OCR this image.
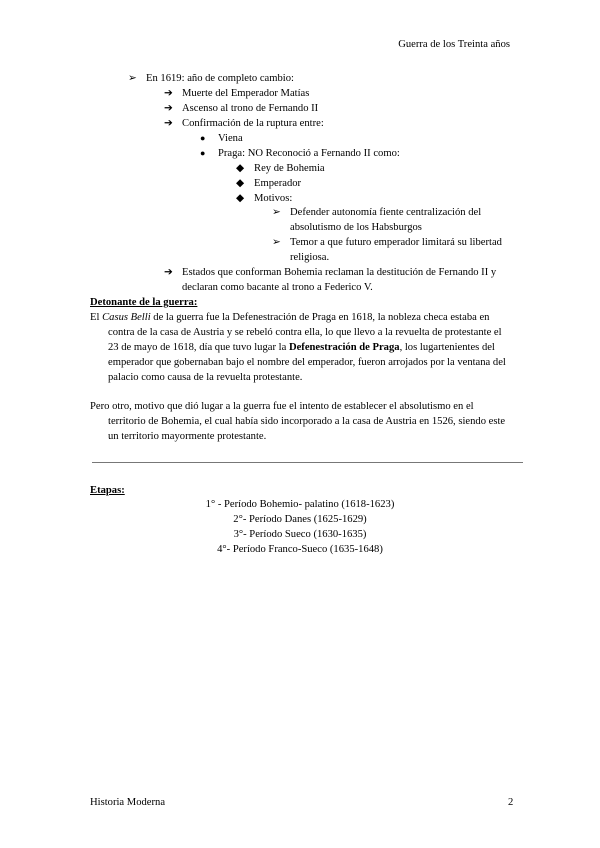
Guerra de los Treinta años
➢ En 1619: año de completo cambio:
➔ Muerte del Emperador Matías
➔ Ascenso al trono de Fernando II
➔ Confirmación de la ruptura entre:
● Viena
● Praga: NO Reconoció a Fernando II como:
◆ Rey de Bohemia
◆ Emperador
◆ Motivos:
➢ Defender autonomía fiente centralización del
absolutismo de los Habsburgos
➢ Temor a que futuro emperador limitará su libertad
religiosa.
➔ Estados que conforman Bohemia reclaman la destitución de Fernando II y
declaran como bacante al trono a Federico V.
Detonante de la guerra:
El Casus Belli de la guerra fue la Defenestración de Praga en 1618, la nobleza checa estaba en
contra de la casa de Austria y se rebeló contra ella, lo que llevo a la revuelta de protestante el
23 de mayo de 1618, día que tuvo lugar la Defenestración de Praga, los lugartenientes del
emperador que gobernaban bajo el nombre del emperador, fueron arrojados por la ventana del
palacio como causa de la revuelta protestante.
Pero otro, motivo que dió lugar a la guerra fue el intento de establecer el absolutismo en el
territorio de Bohemia, el cual había sido incorporado a la casa de Austria en 1526, siendo este
un territorio mayormente protestante.
Etapas:
1° - Período Bohemio- palatino (1618-1623)
2°- Período Danes (1625-1629)
3°- Período Sueco (1630-1635)
4°- Período Franco-Sueco (1635-1648)
Historia Moderna	2
